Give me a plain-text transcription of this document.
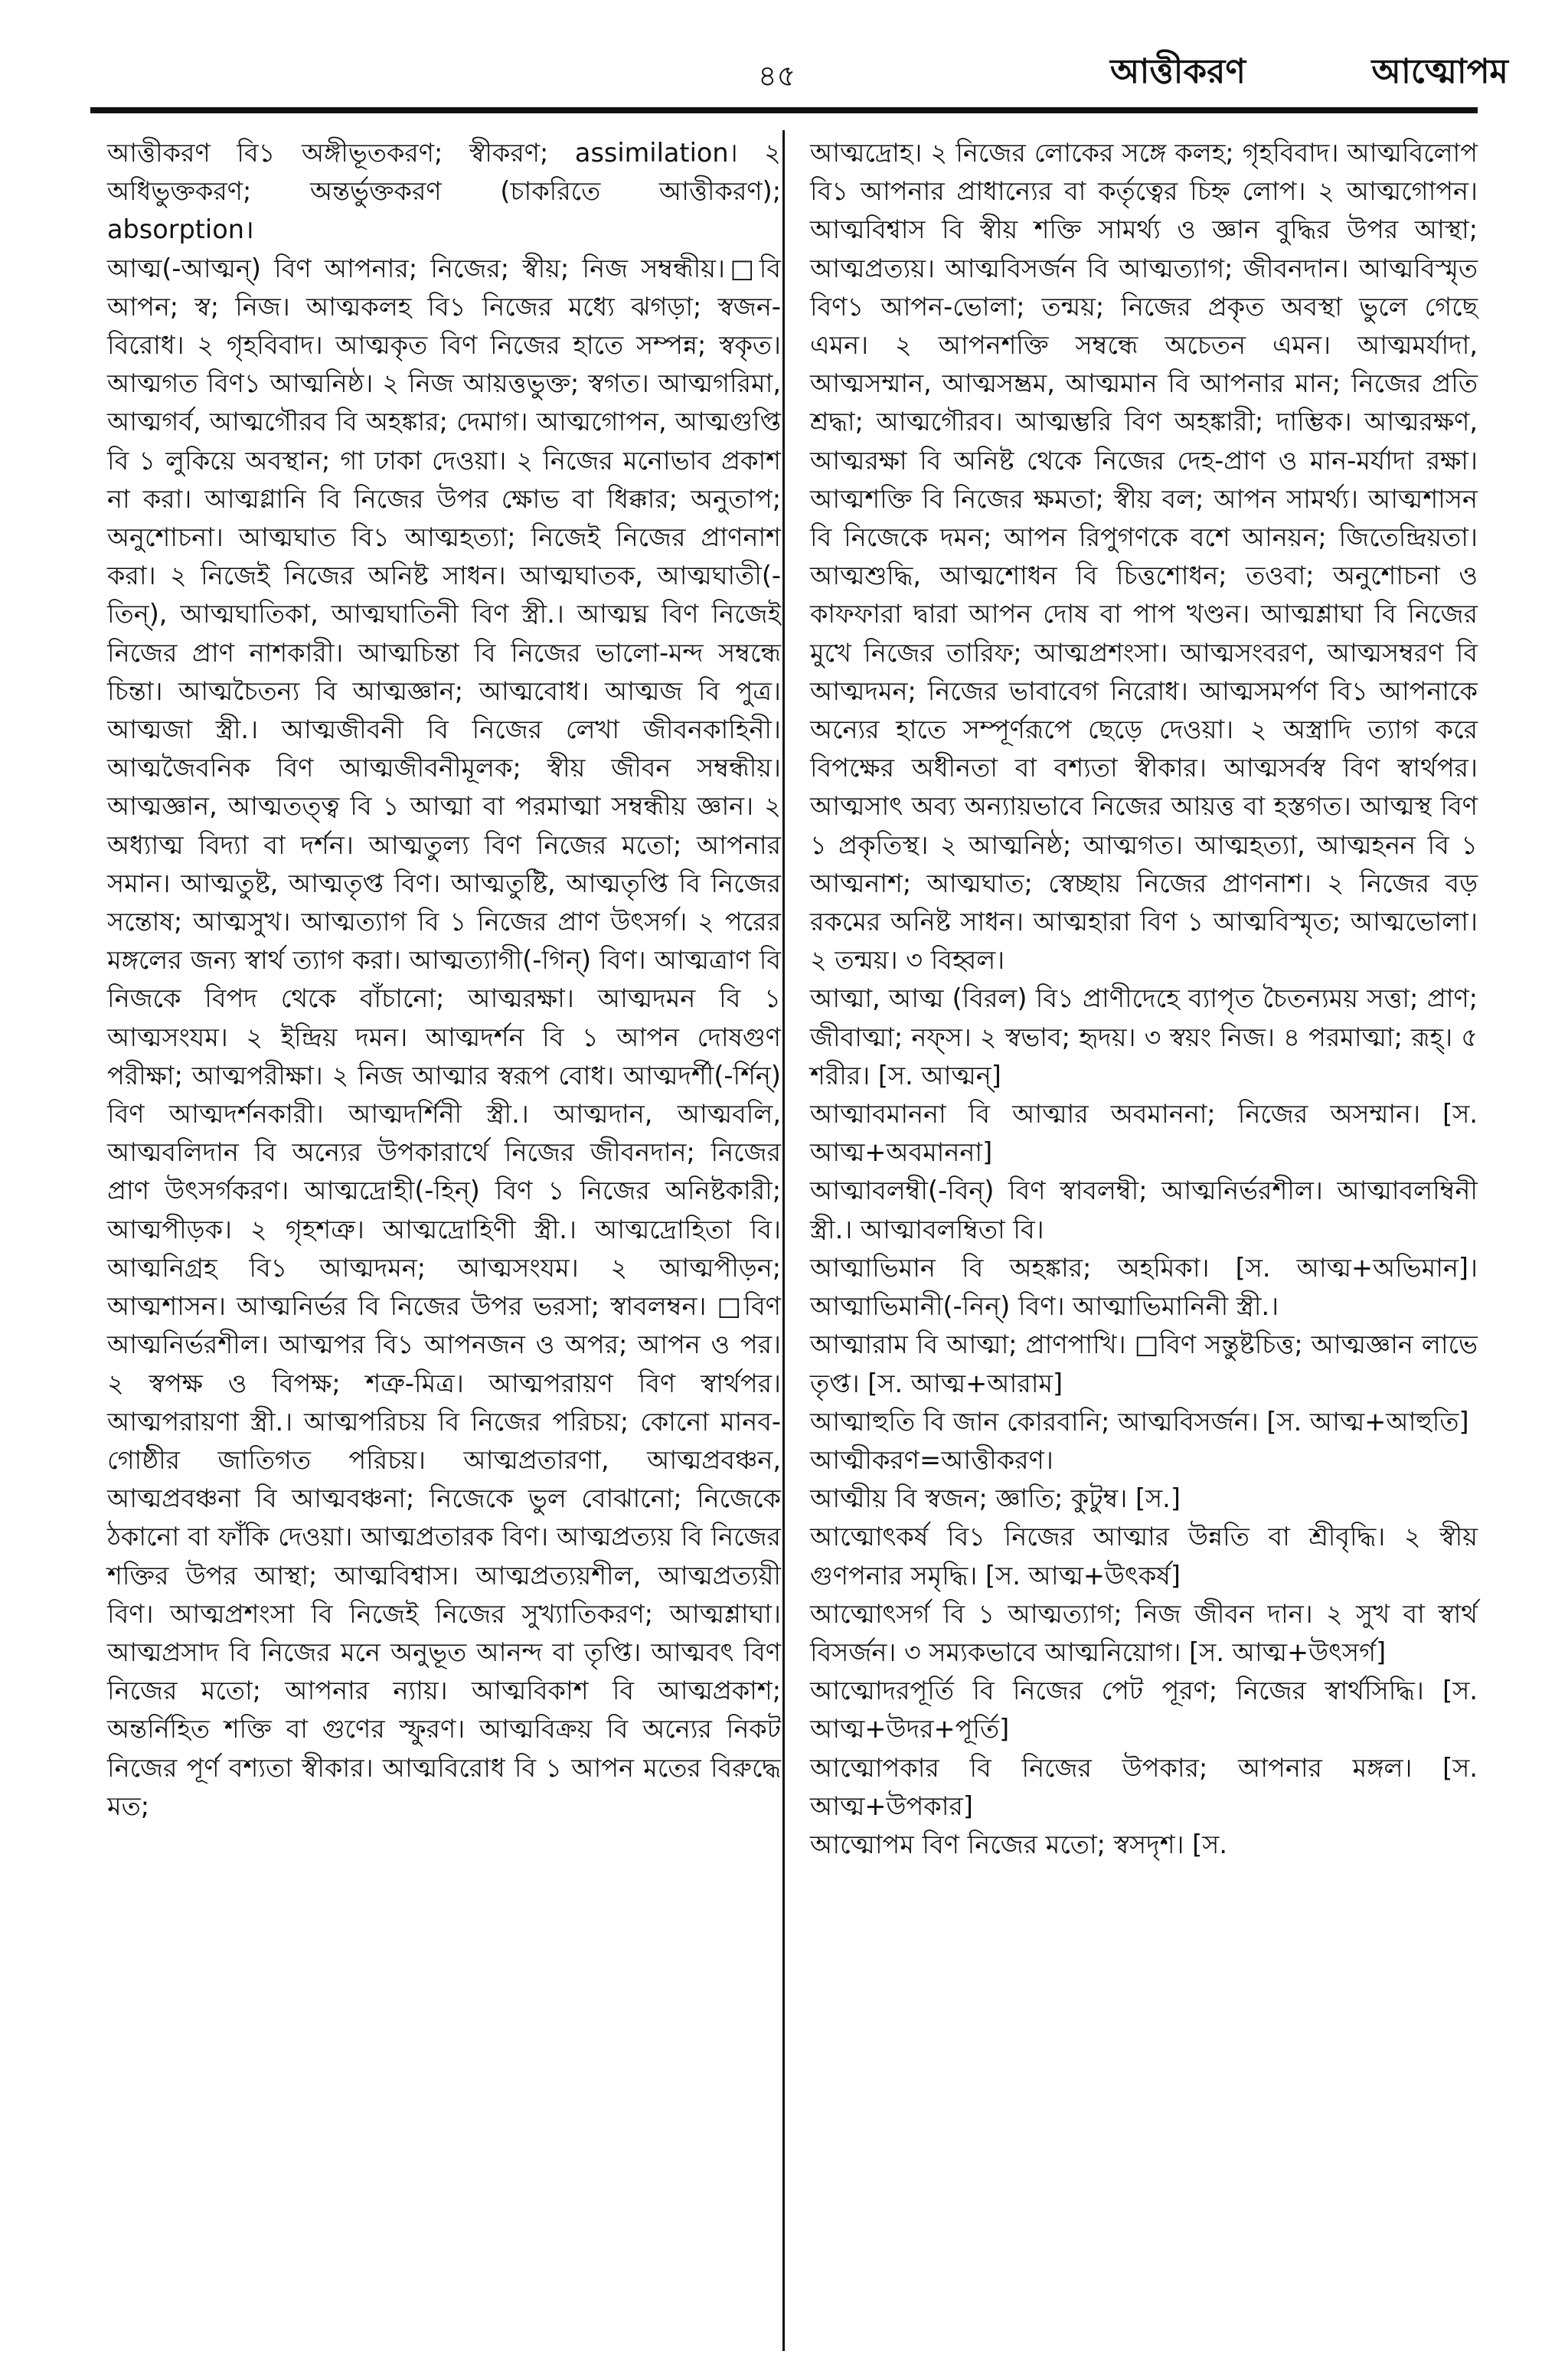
৪৫	আত্তীকরণ	আত্মোপম

আত্তীকরণ বি১ অঙ্গীভূতকরণ; স্বীকরণ; assimilation। ২ অধিভুক্তকরণ; অন্তর্ভুক্তকরণ (চাকরিতে আত্তীকরণ); absorption।

আত্ম(-আত্মন্) বিণ আপনার; নিজের; স্বীয়; নিজ সম্বন্ধীয়।□বি আপন; স্ব; নিজ। আত্মকলহ বি১ নিজের মধ্যে ঝগড়া; স্বজন-বিরোধ। ২ গৃহবিবাদ। আত্মকৃত বিণ নিজের হাতে সম্পন্ন; স্বকৃত। আত্মগত বিণ১ আত্মনিষ্ঠ। ২ নিজ আয়ত্তভুক্ত; স্বগত। আত্মগরিমা, আত্মগর্ব, আত্মগৌরব বি অহঙ্কার; দেমাগ। আত্মগোপন, আত্মগুপ্তি বি ১ লুকিয়ে অবস্থান; গা ঢাকা দেওয়া। ২ নিজের মনোভাব প্রকাশ না করা। আত্মগ্লানি বি নিজের উপর ক্ষোভ বা ধিক্কার; অনুতাপ; অনুশোচনা। আত্মঘাত বি১ আত্মহত্যা; নিজেই নিজের প্রাণনাশ করা। ২ নিজেই নিজের অনিষ্ট সাধন। আত্মঘাতক, আত্মঘাতী(-তিন্), আত্মঘাতিকা, আত্মঘাতিনী বিণ স্ত্রী.। আত্মঘ্ন বিণ নিজেই নিজের প্রাণ নাশকারী। আত্মচিন্তা বি নিজের ভালো-মন্দ সম্বন্ধে চিন্তা। আত্মচৈতন্য বি আত্মজ্ঞান; আত্মবোধ। আত্মজ বি পুত্র। আত্মজা স্ত্রী.। আত্মজীবনী বি নিজের লেখা জীবনকাহিনী। আত্মজৈবনিক বিণ আত্মজীবনীমূলক; স্বীয় জীবন সম্বন্ধীয়। আত্মজ্ঞান, আত্মতত্ত্ব বি ১ আত্মা বা পরমাত্মা সম্বন্ধীয় জ্ঞান। ২ অধ্যাত্ম বিদ্যা বা দর্শন। আত্মতুল্য বিণ নিজের মতো; আপনার সমান। আত্মতুষ্ট, আত্মতৃপ্ত বিণ। আত্মতুষ্টি, আত্মতৃপ্তি বি নিজের সন্তোষ; আত্মসুখ। আত্মত্যাগ বি ১ নিজের প্রাণ উৎসর্গ। ২ পরের মঙ্গলের জন্য স্বার্থ ত্যাগ করা। আত্মত্যাগী(-গিন্) বিণ। আত্মত্রাণ বি নিজকে বিপদ থেকে বাঁচানো; আত্মরক্ষা। আত্মদমন বি ১ আত্মসংযম। ২ ইন্দ্রিয় দমন। আত্মদর্শন বি ১ আপন দোষগুণ পরীক্ষা; আত্মপরীক্ষা। ২ নিজ আত্মার স্বরূপ বোধ। আত্মদর্শী(-র্শিন্) বিণ আত্মদর্শনকারী। আত্মদর্শিনী স্ত্রী.। আত্মদান, আত্মবলি, আত্মবলিদান বি অন্যের উপকারার্থে নিজের জীবনদান; নিজের প্রাণ উৎসর্গকরণ। আত্মদ্রোহী(-হিন্) বিণ ১ নিজের অনিষ্টকারী; আত্মপীড়ক। ২ গৃহশত্রু। আত্মদ্রোহিণী স্ত্রী.। আত্মদ্রোহিতা বি। আত্মনিগ্রহ বি১ আত্মদমন; আত্মসংযম। ২ আত্মপীড়ন; আত্মশাসন। আত্মনির্ভর বি নিজের উপর ভরসা; স্বাবলম্বন। □বিণ আত্মনির্ভরশীল। আত্মপর বি১ আপনজন ও অপর; আপন ও পর। ২ স্বপক্ষ ও বিপক্ষ; শত্রু-মিত্র। আত্মপরায়ণ বিণ স্বার্থপর। আত্মপরায়ণা স্ত্রী.। আত্মপরিচয় বি নিজের পরিচয়; কোনো মানব-গোষ্ঠীর জাতিগত পরিচয়। আত্মপ্রতারণা, আত্মপ্রবঞ্চন, আত্মপ্রবঞ্চনা বি আত্মবঞ্চনা; নিজেকে ভুল বোঝানো; নিজেকে ঠকানো বা ফাঁকি দেওয়া। আত্মপ্রতারক বিণ। আত্মপ্রত্যয় বি নিজের শক্তির উপর আস্থা; আত্মবিশ্বাস। আত্মপ্রত্যয়শীল, আত্মপ্রত্যয়ী বিণ। আত্মপ্রশংসা বি নিজেই নিজের সুখ্যাতিকরণ; আত্মশ্লাঘা। আত্মপ্রসাদ বি নিজের মনে অনুভূত আনন্দ বা তৃপ্তি। আত্মবৎ বিণ নিজের মতো; আপনার ন্যায়। আত্মবিকাশ বি আত্মপ্রকাশ; অন্তর্নিহিত শক্তি বা গুণের স্ফুরণ। আত্মবিক্রয় বি অন্যের নিকট নিজের পূর্ণ বশ্যতা স্বীকার। আত্মবিরোধ বি ১ আপন মতের বিরুদ্ধে মত;

আত্মদ্রোহ। ২ নিজের লোকের সঙ্গে কলহ; গৃহবিবাদ। আত্মবিলোপ বি১ আপনার প্রাধান্যের বা কর্তৃত্বের চিহ্ন লোপ। ২ আত্মগোপন। আত্মবিশ্বাস বি স্বীয় শক্তি সামর্থ্য ও জ্ঞান বুদ্ধির উপর আস্থা; আত্মপ্রত্যয়। আত্মবিসর্জন বি আত্মত্যাগ; জীবনদান। আত্মবিস্মৃত বিণ১ আপন-ভোলা; তন্ময়; নিজের প্রকৃত অবস্থা ভুলে গেছে এমন। ২ আপনশক্তি সম্বন্ধে অচেতন এমন। আত্মমর্যাদা, আত্মসম্মান, আত্মসম্ভ্রম, আত্মমান বি আপনার মান; নিজের প্রতি শ্রদ্ধা; আত্মগৌরব। আত্মম্ভরি বিণ অহঙ্কারী; দাম্ভিক। আত্মরক্ষণ, আত্মরক্ষা বি অনিষ্ট থেকে নিজের দেহ-প্রাণ ও মান-মর্যাদা রক্ষা। আত্মশক্তি বি নিজের ক্ষমতা; স্বীয় বল; আপন সামর্থ্য। আত্মশাসন বি নিজেকে দমন; আপন রিপুগণকে বশে আনয়ন; জিতেন্দ্রিয়তা। আত্মশুদ্ধি, আত্মশোধন বি চিত্তশোধন; তওবা; অনুশোচনা ও কাফফারা দ্বারা আপন দোষ বা পাপ খণ্ডন। আত্মশ্লাঘা বি নিজের মুখে নিজের তারিফ; আত্মপ্রশংসা। আত্মসংবরণ, আত্মসম্বরণ বি আত্মদমন; নিজের ভাবাবেগ নিরোধ। আত্মসমর্পণ বি১ আপনাকে অন্যের হাতে সম্পূর্ণরূপে ছেড়ে দেওয়া। ২ অস্ত্রাদি ত্যাগ করে বিপক্ষের অধীনতা বা বশ্যতা স্বীকার। আত্মসর্বস্ব বিণ স্বার্থপর। আত্মসাৎ অব্য অন্যায়ভাবে নিজের আয়ত্ত বা হস্তগত। আত্মস্থ বিণ ১ প্রকৃতিস্থ। ২ আত্মনিষ্ঠ; আত্মগত। আত্মহত্যা, আত্মহনন বি ১ আত্মনাশ; আত্মঘাত; স্বেচ্ছায় নিজের প্রাণনাশ। ২ নিজের বড় রকমের অনিষ্ট সাধন। আত্মহারা বিণ ১ আত্মবিস্মৃত; আত্মভোলা। ২ তন্ময়। ৩ বিহ্বল।

আত্মা, আত্ম (বিরল) বি১ প্রাণীদেহে ব্যাপৃত চৈতন্যময় সত্তা; প্রাণ; জীবাত্মা; নফ্স। ২ স্বভাব; হৃদয়। ৩ স্বয়ং নিজ। ৪ পরমাত্মা; রূহ্। ৫ শরীর। [স. আত্মন্]

আত্মাবমাননা বি আত্মার অবমাননা; নিজের অসম্মান। [স. আত্ম+অবমাননা]

আত্মাবলম্বী(-বিন্) বিণ স্বাবলম্বী; আত্মনির্ভরশীল। আত্মাবলম্বিনী স্ত্রী.। আত্মাবলম্বিতা বি।

আত্মাভিমান বি অহঙ্কার; অহমিকা। [স. আত্ম+অভিমান]। আত্মাভিমানী(-নিন্) বিণ। আত্মাভিমানিনী স্ত্রী.।

আত্মারাম বি আত্মা; প্রাণপাখি। □বিণ সন্তুষ্টচিত্ত; আত্মজ্ঞান লাভে তৃপ্ত। [স. আত্ম+আরাম]

আত্মাহুতি বি জান কোরবানি; আত্মবিসর্জন। [স. আত্ম+আহুতি]

আত্মীকরণ=আত্তীকরণ।

আত্মীয় বি স্বজন; জ্ঞাতি; কুটুম্ব। [স.]

আত্মোৎকর্ষ বি১ নিজের আত্মার উন্নতি বা শ্রীবৃদ্ধি। ২ স্বীয় গুণপনার সমৃদ্ধি। [স. আত্ম+উৎকর্ষ]

আত্মোৎসর্গ বি ১ আত্মত্যাগ; নিজ জীবন দান। ২ সুখ বা স্বার্থ বিসর্জন। ৩ সম্যকভাবে আত্মনিয়োগ। [স. আত্ম+উৎসর্গ]

আত্মোদরপূর্তি বি নিজের পেট পূরণ; নিজের স্বার্থসিদ্ধি। [স. আত্ম+উদর+পূর্তি]

আত্মোপকার বি নিজের উপকার; আপনার মঙ্গল। [স. আত্ম+উপকার]

আত্মোপম বিণ নিজের মতো; স্বসদৃশ। [স.
